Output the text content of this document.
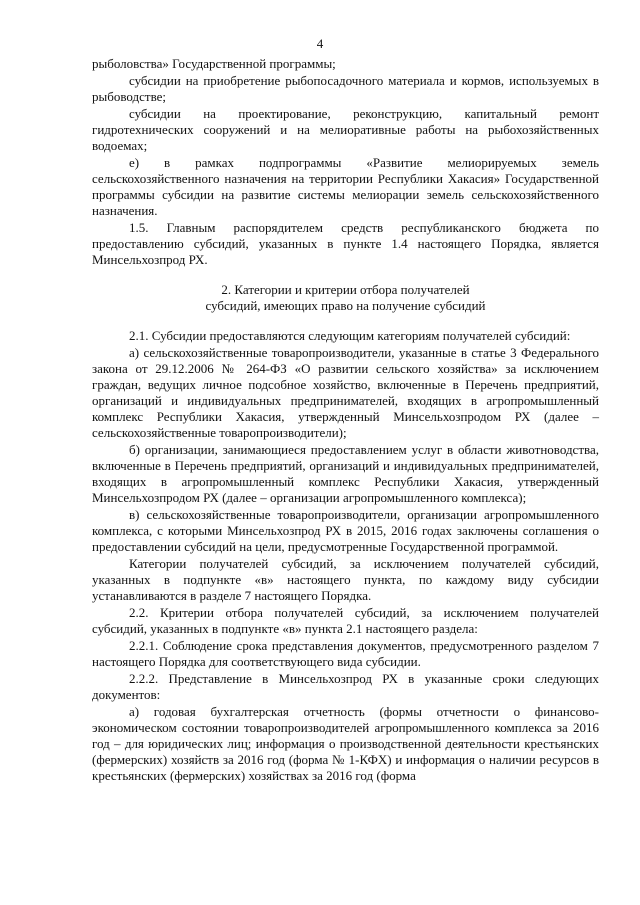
4

рыболовства» Государственной программы;

субсидии на приобретение рыбопосадочного материала и кормов, используемых в рыбоводстве;

субсидии на проектирование, реконструкцию, капитальный ремонт гидротехнических сооружений и на мелиоративные работы на рыбохозяйственных водоемах;

е) в рамках подпрограммы «Развитие мелиорируемых земель сельскохозяйственного назначения на территории Республики Хакасия» Государственной программы субсидии на развитие системы мелиорации земель сельскохозяйственного назначения.

1.5. Главным распорядителем средств республиканского бюджета по предоставлению субсидий, указанных в пункте 1.4 настоящего Порядка, является Минсельхозпрод РХ.

2. Категории и критерии отбора получателей
субсидий, имеющих право на получение субсидий

2.1. Субсидии предоставляются следующим категориям получателей субсидий:

а) сельскохозяйственные товаропроизводители, указанные в статье 3 Федерального закона от 29.12.2006 № 264-ФЗ «О развитии сельского хозяйства» за исключением граждан, ведущих личное подсобное хозяйство, включенные в Перечень предприятий, организаций и индивидуальных предпринимателей, входящих в агропромышленный комплекс Республики Хакасия, утвержденный Минсельхозпродом РХ (далее – сельскохозяйственные товаропроизводители);

б) организации, занимающиеся предоставлением услуг в области животноводства, включенные в Перечень предприятий, организаций и индивидуальных предпринимателей, входящих в агропромышленный комплекс Республики Хакасия, утвержденный Минсельхозпродом РХ (далее – организации агропромышленного комплекса);

в) сельскохозяйственные товаропроизводители, организации агропромышленного комплекса, с которыми Минсельхозпрод РХ в 2015, 2016 годах заключены соглашения о предоставлении субсидий на цели, предусмотренные Государственной программой.

Категории получателей субсидий, за исключением получателей субсидий, указанных в подпункте «в» настоящего пункта, по каждому виду субсидии устанавливаются в разделе 7 настоящего Порядка.

2.2. Критерии отбора получателей субсидий, за исключением получателей субсидий, указанных в подпункте «в» пункта 2.1 настоящего раздела:

2.2.1. Соблюдение срока представления документов, предусмотренного разделом 7 настоящего Порядка для соответствующего вида субсидии.

2.2.2. Представление в Минсельхозпрод РХ в указанные сроки следующих документов:

а) годовая бухгалтерская отчетность (формы отчетности о финансово-экономическом состоянии товаропроизводителей агропромышленного комплекса за 2016 год – для юридических лиц; информация о производственной деятельности крестьянских (фермерских) хозяйств за 2016 год (форма № 1-КФХ) и информация о наличии ресурсов в крестьянских (фермерских) хозяйствах за 2016 год (форма
